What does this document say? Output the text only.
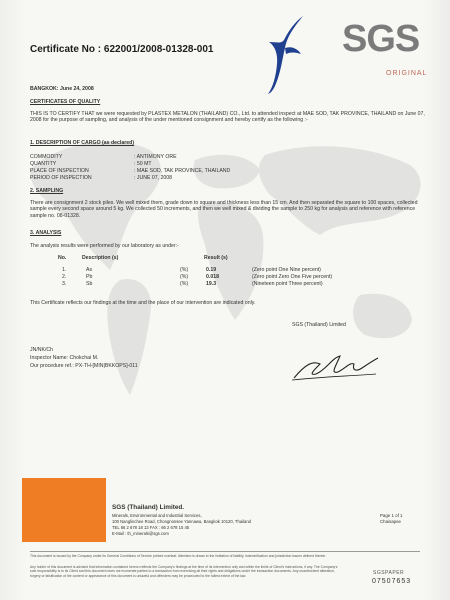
Certificate No : 622001/2008-01328-001	SGS
ORIGINAL
BANGKOK: June 24, 2008
CERTIFICATES OF QUALITY
THIS IS TO CERTIFY THAT we were requested by PLASTEX METALON (THAILAND) CO., Ltd. to attended inspect at MAE SOD, TAK PROVINCE, THAILAND on June 07, 2008 for the purpose of sampling, and analysis of the under mentioned consignment and hereby certify as the following :-
1. DESCRIPTION OF CARGO (as declared)
COMMODITY	: ANTIMONY ORE
QUANTITY	: 50 MT
PLACE OF INSPECTION	: MAE SOD, TAK PROVINCE, THAILAND
PERIOD OF INSPECTION	: JUNE 07, 2008
2. SAMPLING
There are consignment 2 stock piles. We well mixed them, grade down to square and thickness less than 15 cm. And then separated the square to 100 spaces, collected sample every second space around 5 kg. We collected 50 increments, and then we well mixed & dividing the sample to 250 kg for analysis and reference with reference sample no. 08-01328.
3. ANALYSIS
The analysis results were performed by our laboratory as under:-
No.	Description (s)	Result (s)
1.	As	(%)	0.19	(Zero point One Nine percent)
2.	Pb	(%)	0.018	(Zero point Zero One Five percent)
3.	Sb	(%)	19.3	(Nineteen point Three percent)
This Certificate reflects our findings at the time and the place of our intervention are indicated only.
SGS (Thailand) Limited
JN/NK/Ch
Inspector Name: Chokchai M.
Our procedure ref.: PX-TH-[MIN|BKKOPS]-011
SGS (Thailand) Limited.
Minerals, Environmental and Industrial Services,
100 Nanglinchee Road, Chongnonsee Yannawa, Bangkok 10120, Thailand
TEL 66 2 678 18 13 FAX : 66 2 678 15 45
E-Mail : th_minerals@sgs.com
Page 1 of 1
Chaisapee
This document is issued by the Company under its General Conditions of Service printed overleaf. Attention is drawn to the limitation of liability, indemnification and jurisdiction issues defined therein.
Any holder of this document is advised that information contained hereon reflects the Company's findings at the time of its intervention only and within the limits of Client's instructions, if any. The Company's sole responsibility is to its Client and this document does not exonerate parties to a transaction from exercising all their rights and obligations under the transaction documents. Any unauthorized alteration, forgery or falsification of the content or appearance of this document is unlawful and offenders may be prosecuted to the fullest extent of the law.	SGSPAPER
07507653
